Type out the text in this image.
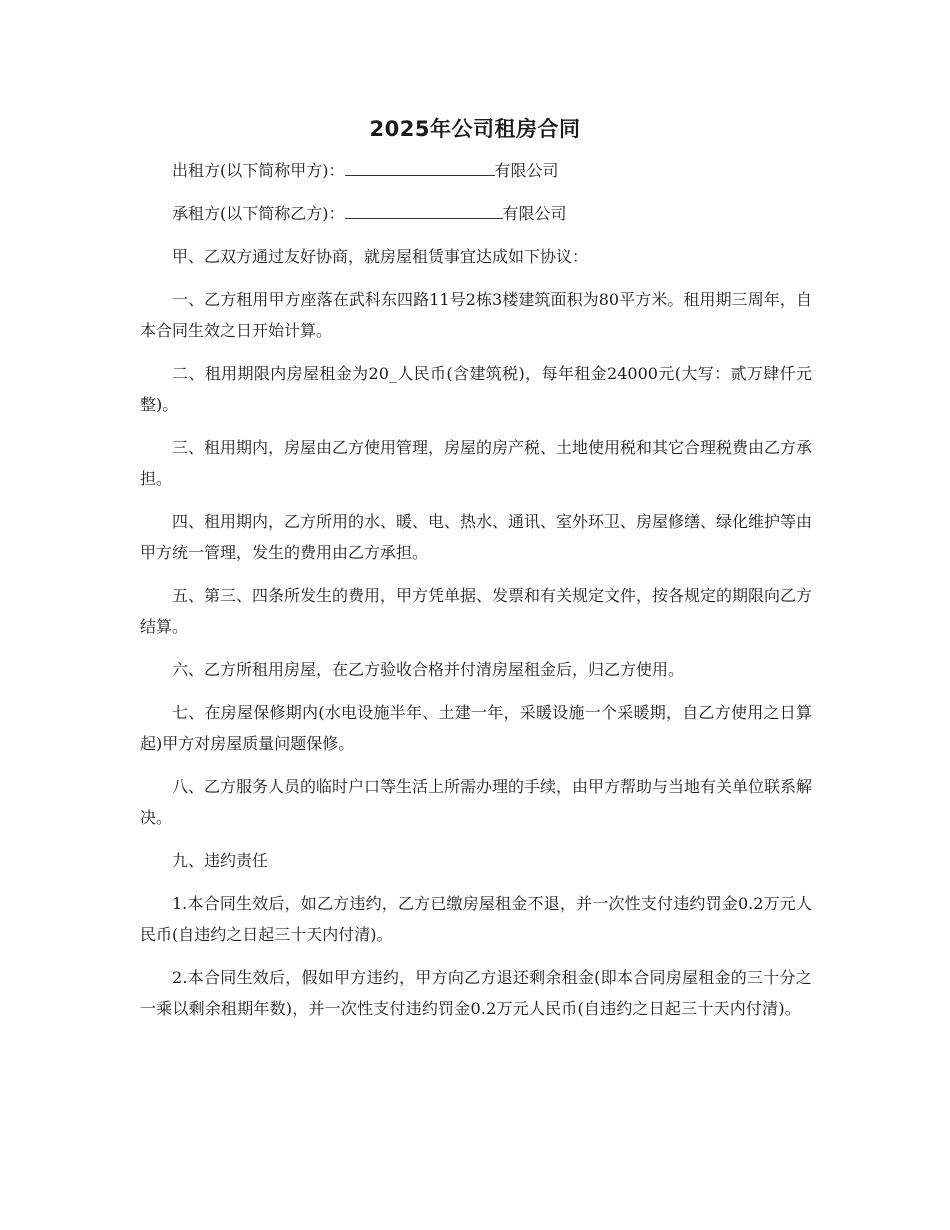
2025年公司租房合同

出租方(以下简称甲方)：	有限公司

承租方(以下简称乙方)：	有限公司

甲、乙双方通过友好协商，就房屋租赁事宜达成如下协议：

一、乙方租用甲方座落在武科东四路11号2栋3楼建筑面积为80平方米。租用期三周年，自本合同生效之日开始计算。

二、租用期限内房屋租金为20_人民币(含建筑税)，每年租金24000元(大写：贰万肆仟元整)。

三、租用期内，房屋由乙方使用管理，房屋的房产税、土地使用税和其它合理税费由乙方承担。

四、租用期内，乙方所用的水、暖、电、热水、通讯、室外环卫、房屋修缮、绿化维护等由甲方统一管理，发生的费用由乙方承担。

五、第三、四条所发生的费用，甲方凭单据、发票和有关规定文件，按各规定的期限向乙方结算。

六、乙方所租用房屋，在乙方验收合格并付清房屋租金后，归乙方使用。

七、在房屋保修期内(水电设施半年、土建一年，采暖设施一个采暖期，自乙方使用之日算起)甲方对房屋质量问题保修。

八、乙方服务人员的临时户口等生活上所需办理的手续，由甲方帮助与当地有关单位联系解决。

九、违约责任

1.本合同生效后，如乙方违约，乙方已缴房屋租金不退，并一次性支付违约罚金0.2万元人民币(自违约之日起三十天内付清)。

2.本合同生效后，假如甲方违约，甲方向乙方退还剩余租金(即本合同房屋租金的三十分之一乘以剩余租期年数)，并一次性支付违约罚金0.2万元人民币(自违约之日起三十天内付清)。
